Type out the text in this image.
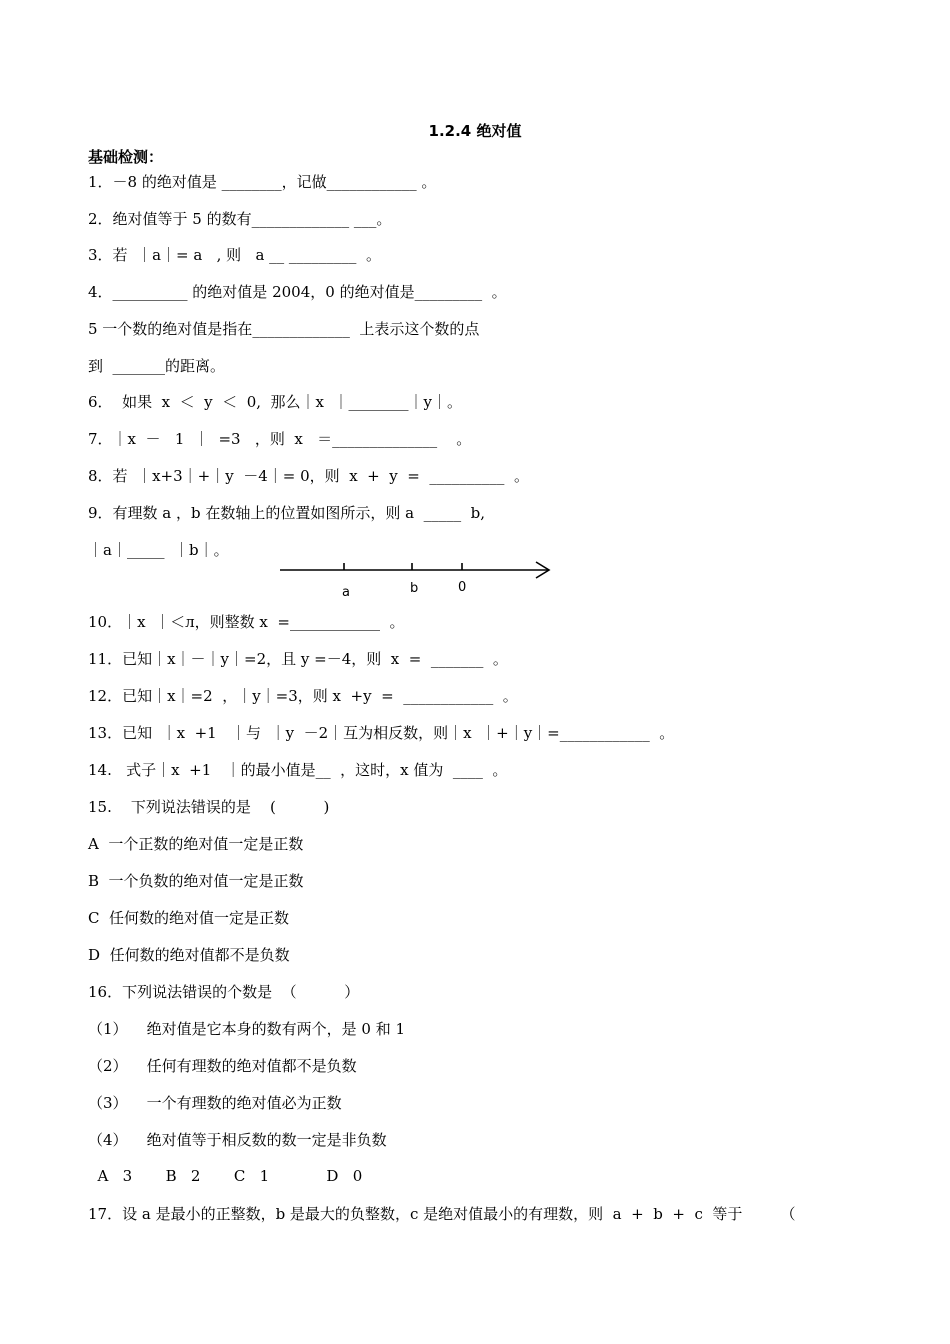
1.2.4 绝对值
基础检测：
1．－8 的绝对值是 ________，记做____________ 。
2．绝对值等于 5 的数有_____________ ___。
3．若  ｜a｜= a   , 则   a __ _________  。
4．__________ 的绝对值是 2004，0 的绝对值是_________  。
5 一个数的绝对值是指在_____________  上表示这个数的点
到  _______的距离。
6．  如果  x  ＜  y  ＜  0,  那么｜x  ｜________｜y｜。
7．｜x  －   1  ｜  =3   ，则  x   ＝______________    。
8．若  ｜x+3｜+｜y  －4｜= 0，则  x  +  y  =  __________  。
9．有理数 a ，b 在数轴上的位置如图所示，则 a  _____  b,
｜a｜_____  ｜b｜。
a	b	0
10．｜x  ｜＜л，则整数 x  =____________  。
11．已知｜x｜－｜y｜=2，且 y =－4，则  x  =  _______  。
12．已知｜x｜=2  ，｜y｜=3，则 x  +y  =  ____________  。
13．已知  ｜x  +1   ｜与  ｜y  －2｜互为相反数，则｜x  ｜+｜y｜=____________  。
14.   式子｜x  +1   ｜的最小值是__  ，这时，x 值为  ____  。
15.    下列说法错误的是    (          )
A  一个正数的绝对值一定是正数
B  一个负数的绝对值一定是正数
C  任何数的绝对值一定是正数
D  任何数的绝对值都不是负数
16．下列说法错误的个数是  （          ）
（1）    绝对值是它本身的数有两个，是 0 和 1
（2）    任何有理数的绝对值都不是负数
（3）    一个有理数的绝对值必为正数
（4）    绝对值等于相反数的数一定是非负数
A   3       B   2       C   1            D   0
17．设 a 是最小的正整数，b 是最大的负整数，c 是绝对值最小的有理数，则  a  +  b  +  c  等于        （
